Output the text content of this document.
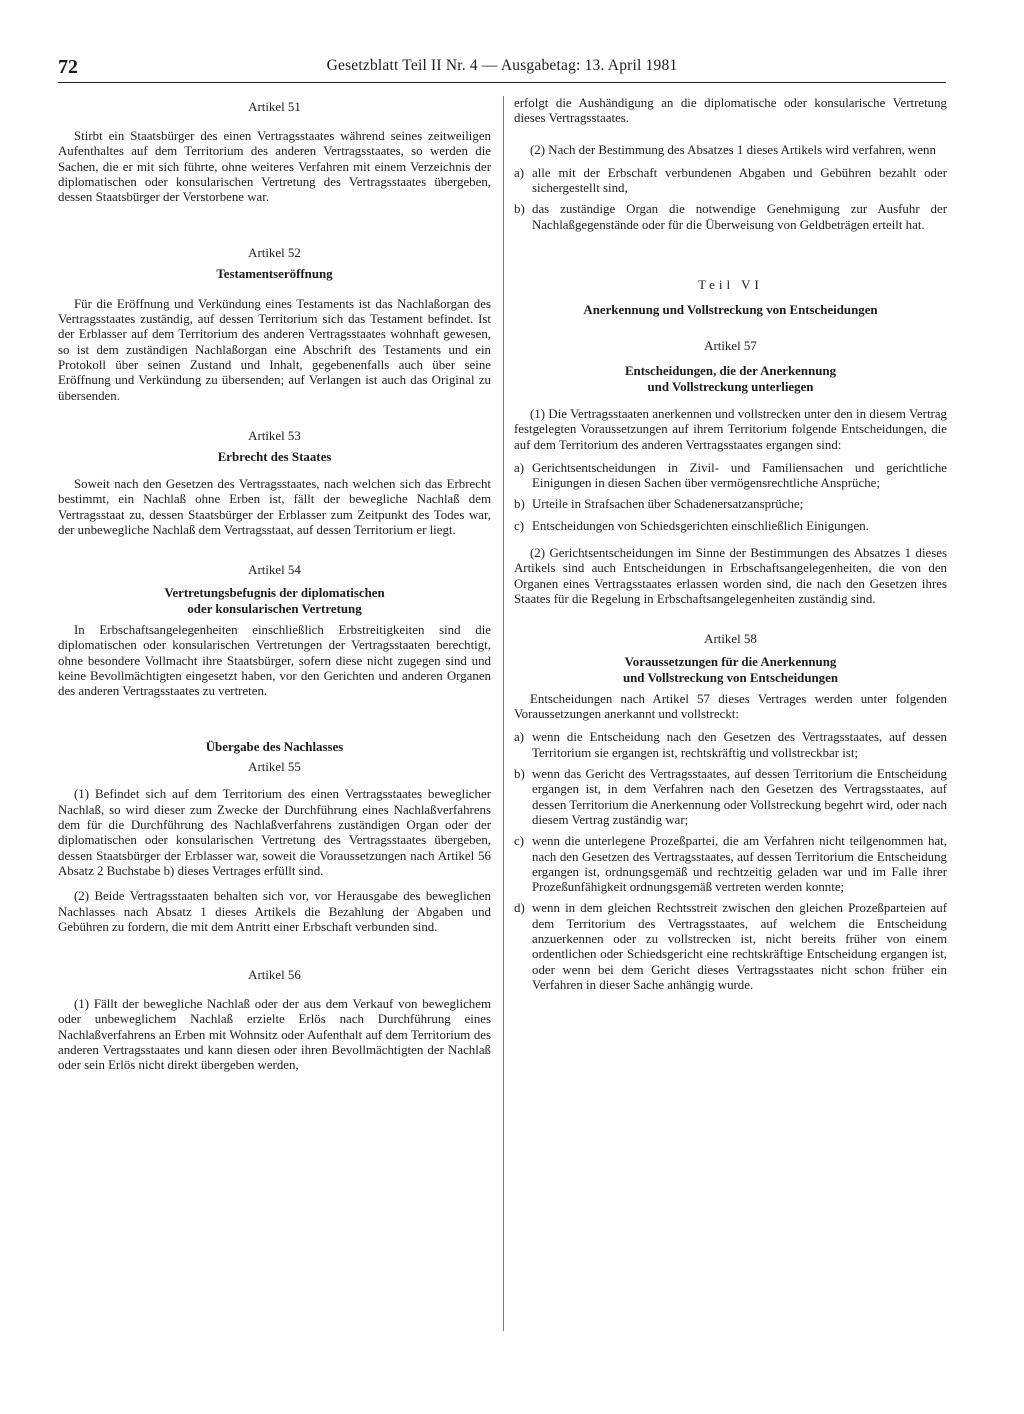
72	Gesetzblatt Teil II Nr. 4 — Ausgabetag: 13. April 1981
Artikel 51

Stirbt ein Staatsbürger des einen Vertragsstaates während seines zeitweiligen Aufenthaltes auf dem Territorium des anderen Vertragsstaates, so werden die Sachen, die er mit sich führte, ohne weiteres Verfahren mit einem Verzeichnis der diplomatischen oder konsularischen Vertretung des Vertragsstaates übergeben, dessen Staatsbürger der Verstorbene war.

Artikel 52
Testamentseröffnung

Für die Eröffnung und Verkündung eines Testaments ist das Nachlaßorgan des Vertragsstaates zuständig, auf dessen Territorium sich das Testament befindet. Ist der Erblasser auf dem Territorium des anderen Vertragsstaates wohnhaft gewesen, so ist dem zuständigen Nachlaßorgan eine Abschrift des Testaments und ein Protokoll über seinen Zustand und Inhalt, gegebenenfalls auch über seine Eröffnung und Verkündung zu übersenden; auf Verlangen ist auch das Original zu übersenden.

Artikel 53
Erbrecht des Staates

Soweit nach den Gesetzen des Vertragsstaates, nach welchen sich das Erbrecht bestimmt, ein Nachlaß ohne Erben ist, fällt der bewegliche Nachlaß dem Vertragsstaat zu, dessen Staatsbürger der Erblasser zum Zeitpunkt des Todes war, der unbewegliche Nachlaß dem Vertragsstaat, auf dessen Territorium er liegt.

Artikel 54
Vertretungsbefugnis der diplomatischen
oder konsularischen Vertretung

In Erbschaftsangelegenheiten einschließlich Erbstreitigkeiten sind die diplomatischen oder konsularischen Vertretungen der Vertragsstaaten berechtigt, ohne besondere Vollmacht ihre Staatsbürger, sofern diese nicht zugegen sind und keine Bevollmächtigten eingesetzt haben, vor den Gerichten und anderen Organen des anderen Vertragsstaates zu vertreten.

Übergabe des Nachlasses
Artikel 55

(1) Befindet sich auf dem Territorium des einen Vertragsstaates beweglicher Nachlaß, so wird dieser zum Zwecke der Durchführung eines Nachlaßverfahrens dem für die Durchführung des Nachlaßverfahrens zuständigen Organ oder der diplomatischen oder konsularischen Vertretung des Vertragsstaates übergeben, dessen Staatsbürger der Erblasser war, soweit die Voraussetzungen nach Artikel 56 Absatz 2 Buchstabe b) dieses Vertrages erfüllt sind.

(2) Beide Vertragsstaaten behalten sich vor, vor Herausgabe des beweglichen Nachlasses nach Absatz 1 dieses Artikels die Bezahlung der Abgaben und Gebühren zu fordern, die mit dem Antritt einer Erbschaft verbunden sind.

Artikel 56

(1) Fällt der bewegliche Nachlaß oder der aus dem Verkauf von beweglichem oder unbeweglichem Nachlaß erzielte Erlös nach Durchführung eines Nachlaßverfahrens an Erben mit Wohnsitz oder Aufenthalt auf dem Territorium des anderen Vertragsstaates und kann diesen oder ihren Bevollmächtigten der Nachlaß oder sein Erlös nicht direkt übergeben werden,

erfolgt die Aushändigung an die diplomatische oder konsularische Vertretung dieses Vertragsstaates.

(2) Nach der Bestimmung des Absatzes 1 dieses Artikels wird verfahren, wenn

a) alle mit der Erbschaft verbundenen Abgaben und Gebühren bezahlt oder sichergestellt sind,
b) das zuständige Organ die notwendige Genehmigung zur Ausfuhr der Nachlaßgegenstände oder für die Überweisung von Geldbeträgen erteilt hat.
Teil VI
Anerkennung und Vollstreckung von Entscheidungen
Artikel 57
Entscheidungen, die der Anerkennung
und Vollstreckung unterliegen

(1) Die Vertragsstaaten anerkennen und vollstrecken unter den in diesem Vertrag festgelegten Voraussetzungen auf ihrem Territorium folgende Entscheidungen, die auf dem Territorium des anderen Vertragsstaates ergangen sind:

a) Gerichtsentscheidungen in Zivil- und Familiensachen und gerichtliche Einigungen in diesen Sachen über vermögensrechtliche Ansprüche;
b) Urteile in Strafsachen über Schadenersatzansprüche;
c) Entscheidungen von Schiedsgerichten einschließlich Einigungen.

(2) Gerichtsentscheidungen im Sinne der Bestimmungen des Absatzes 1 dieses Artikels sind auch Entscheidungen in Erbschaftsangelegenheiten, die von den Organen eines Vertragsstaates erlassen worden sind, die nach den Gesetzen ihres Staates für die Regelung in Erbschaftsangelegenheiten zuständig sind.

Artikel 58
Voraussetzungen für die Anerkennung
und Vollstreckung von Entscheidungen

Entscheidungen nach Artikel 57 dieses Vertrages werden unter folgenden Voraussetzungen anerkannt und vollstreckt:

a) wenn die Entscheidung nach den Gesetzen des Vertragsstaates, auf dessen Territorium sie ergangen ist, rechtskräftig und vollstreckbar ist;
b) wenn das Gericht des Vertragsstaates, auf dessen Territorium die Entscheidung ergangen ist, in dem Verfahren nach den Gesetzen des Vertragsstaates, auf dessen Territorium die Anerkennung oder Vollstreckung begehrt wird, oder nach diesem Vertrag zuständig war;
c) wenn die unterlegene Prozeßpartei, die am Verfahren nicht teilgenommen hat, nach den Gesetzen des Vertragsstaates, auf dessen Territorium die Entscheidung ergangen ist, ordnungsgemäß und rechtzeitig geladen war und im Falle ihrer Prozeßunfähigkeit ordnungsgemäß vertreten werden konnte;
d) wenn in dem gleichen Rechtsstreit zwischen den gleichen Prozeßparteien auf dem Territorium des Vertragsstaates, auf welchem die Entscheidung anzuerkennen oder zu vollstrecken ist, nicht bereits früher von einem ordentlichen oder Schiedsgericht eine rechtskräftige Entscheidung ergangen ist, oder wenn bei dem Gericht dieses Vertragsstaates nicht schon früher ein Verfahren in dieser Sache anhängig wurde.
